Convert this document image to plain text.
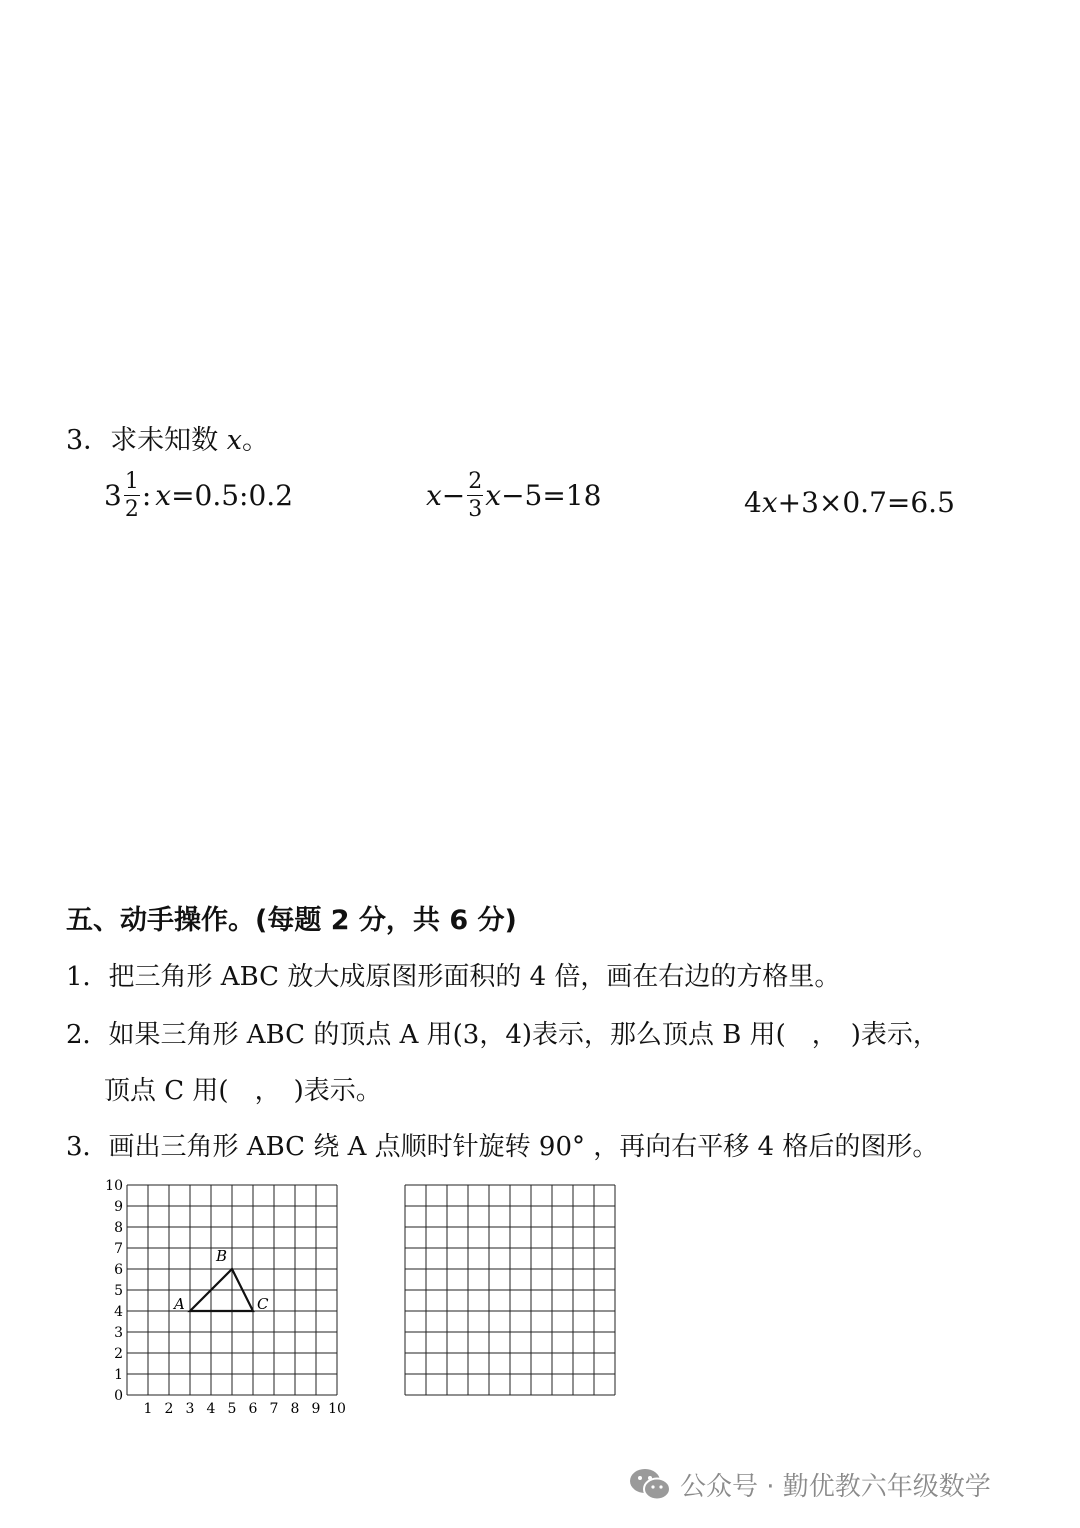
3．求未知数 x。
$3 \frac{1}{2}$ : x =0.5:0.2	$x - \frac{2}{3}$ x −5=18	4 x +3×0.7=6.5
五、动手操作。(每题 2 分，共 6 分)
1．把三角形 ABC 放大成原图形面积的 4 倍，画在右边的方格里。
2．如果三角形 ABC 的顶点 A 用(3，4)表示，那么顶点 B 用(　，　)表示，
顶点 C 用(　，　)表示。
3．画出三角形 ABC 绕 A 点顺时针旋转 90° ，再向右平移 4 格后的图形。
0
1
2
3
4
5
6
7
8
9
10
1 2 3 4 5 6 7 8 9 10
A
B
C
公众号 · 勤优教六年级数学
